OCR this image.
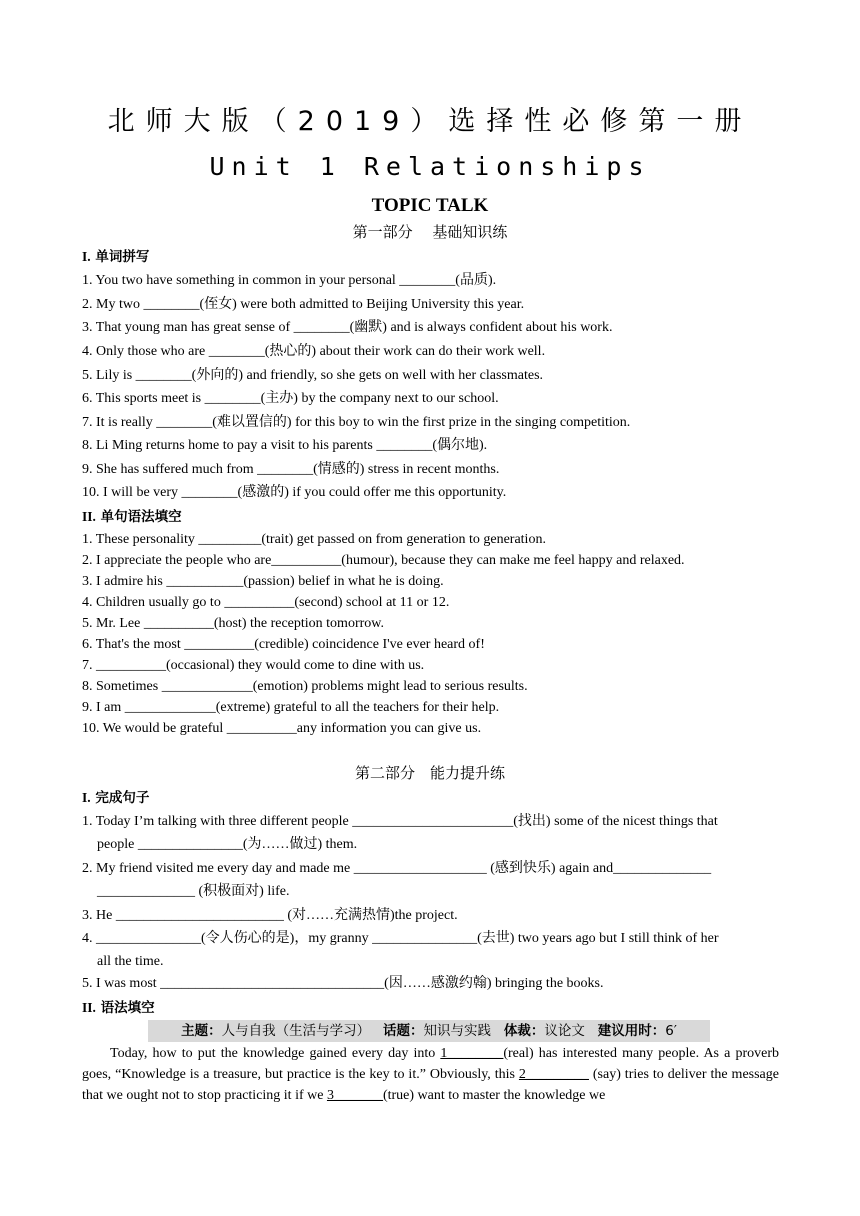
北师大版（2019）选择性必修第一册
Unit 1 Relationships
TOPIC TALK
第一部分　 基础知识练
I. 单词拼写
1. You two have something in common in your personal ________(品质).
2. My two ________(侄女) were both admitted to Beijing University this year.
3. That young man has great sense of ________(幽默) and is always confident about his work.
4. Only those who are ________(热心的) about their work can do their work well.
5. Lily is ________(外向的) and friendly, so she gets on well with her classmates.
6. This sports meet is ________(主办) by the company next to our school.
7. It is really ________(难以置信的) for this boy to win the first prize in the singing competition.
8. Li Ming returns home to pay a visit to his parents ________(偶尔地).
9. She has suffered much from ________(情感的) stress in recent months.
10. I will be very ________(感激的) if you could offer me this opportunity.
II. 单句语法填空
1. These personality _________(trait) get passed on from generation to generation.
2. I appreciate the people who are__________(humour), because they can make me feel happy and relaxed.
3. I admire his ___________(passion) belief in what he is doing.
4. Children usually go to __________(second) school at 11 or 12.
5. Mr. Lee __________(host) the reception tomorrow.
6. That's the most __________(credible) coincidence I've ever heard of!
7. __________(occasional) they would come to dine with us.
8. Sometimes _____________(emotion) problems might lead to serious results.
9. I am _____________(extreme) grateful to all the teachers for their help.
10. We would be grateful __________any information you can give us.
第二部分　能力提升练
I. 完成句子
1. Today I’m talking with three different people _______________________(找出) some of the nicest things that
people _______________(为……做过) them.
2. My friend visited me every day and made me ___________________ (感到快乐) again and______________
______________ (积极面对) life.
3. He ________________________ (对……充满热情)the project.
4. _______________(令人伤心的是)，my granny _______________(去世) two years ago but I still think of her
all the time.
5. I was most ________________________________(因……感激约翰) bringing the books.
II. 语法填空
主题：人与自我（生活与学习） 话题：知识与实践 体裁：议论文 建议用时：6′

Today, how to put the knowledge gained every day into 1________(real) has interested many people. As a proverb goes, “Knowledge is a treasure, but practice is the key to it.” Obviously, this 2_________ (say) tries to deliver the message that we ought not to stop practicing it if we 3_______(true) want to master the knowledge we
